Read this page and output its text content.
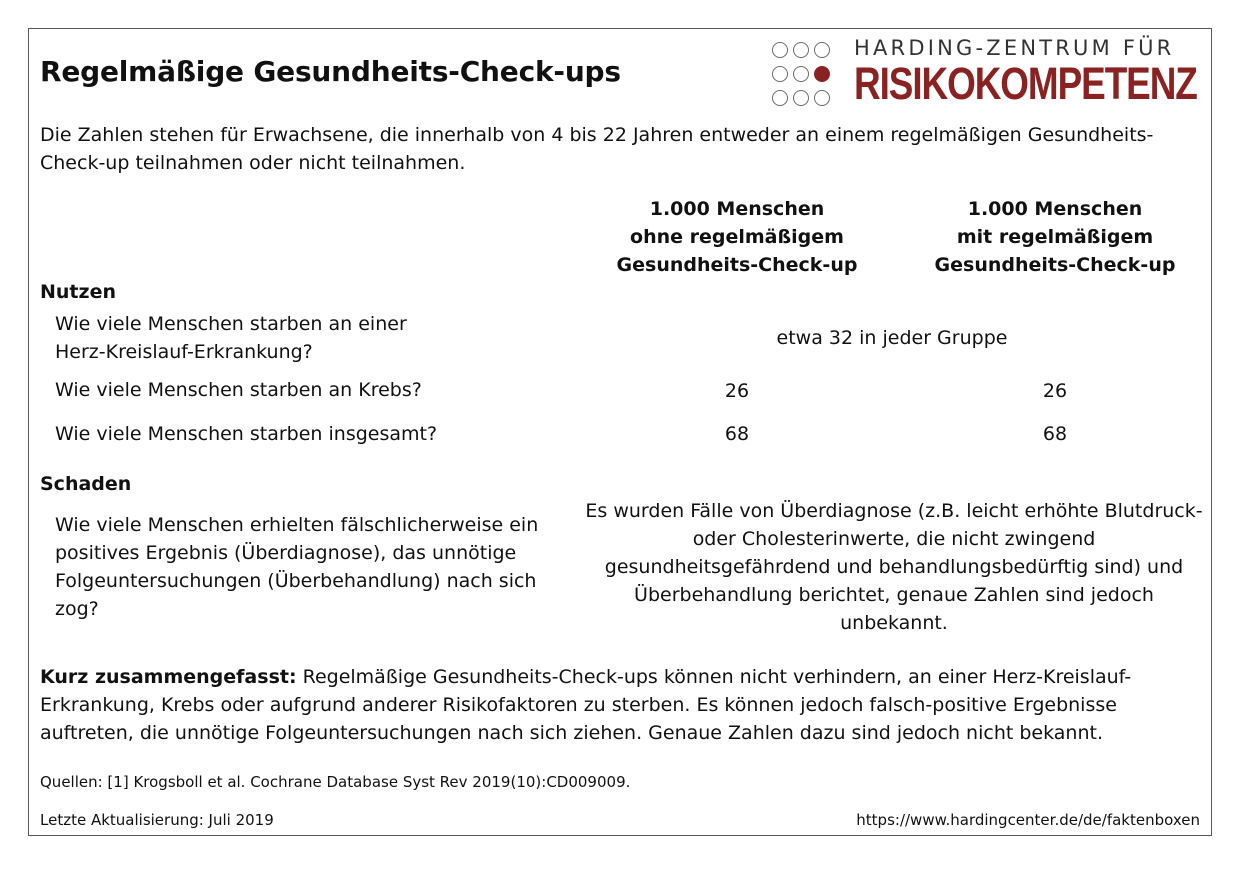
Regelmäßige Gesundheits-Check-ups
HARDING-ZENTRUM FÜR
RISIKOKOMPETENZ
Die Zahlen stehen für Erwachsene, die innerhalb von 4 bis 22 Jahren entweder an einem regelmäßigen Gesundheits-Check-up teilnahmen oder nicht teilnahmen.
1.000 Menschen
ohne regelmäßigem
Gesundheits-Check-up
1.000 Menschen
mit regelmäßigem
Gesundheits-Check-up
Nutzen
Wie viele Menschen starben an einer
Herz-Kreislauf-Erkrankung?
etwa 32 in jeder Gruppe
Wie viele Menschen starben an Krebs?	26	26
Wie viele Menschen starben insgesamt?	68	68
Schaden
Wie viele Menschen erhielten fälschlicherweise ein positives Ergebnis (Überdiagnose), das unnötige Folgeuntersuchungen (Überbehandlung) nach sich zog?
Es wurden Fälle von Überdiagnose (z.B. leicht erhöhte Blutdruck- oder Cholesterinwerte, die nicht zwingend gesundheitsgefährdend und behandlungsbedürftig sind) und Überbehandlung berichtet, genaue Zahlen sind jedoch unbekannt.
Kurz zusammengefasst: Regelmäßige Gesundheits-Check-ups können nicht verhindern, an einer Herz-Kreislauf-Erkrankung, Krebs oder aufgrund anderer Risikofaktoren zu sterben. Es können jedoch falsch-positive Ergebnisse auftreten, die unnötige Folgeuntersuchungen nach sich ziehen. Genaue Zahlen dazu sind jedoch nicht bekannt.
Quellen: [1] Krogsboll et al. Cochrane Database Syst Rev 2019(10):CD009009.
Letzte Aktualisierung: Juli 2019	https://www.hardingcenter.de/de/faktenboxen
